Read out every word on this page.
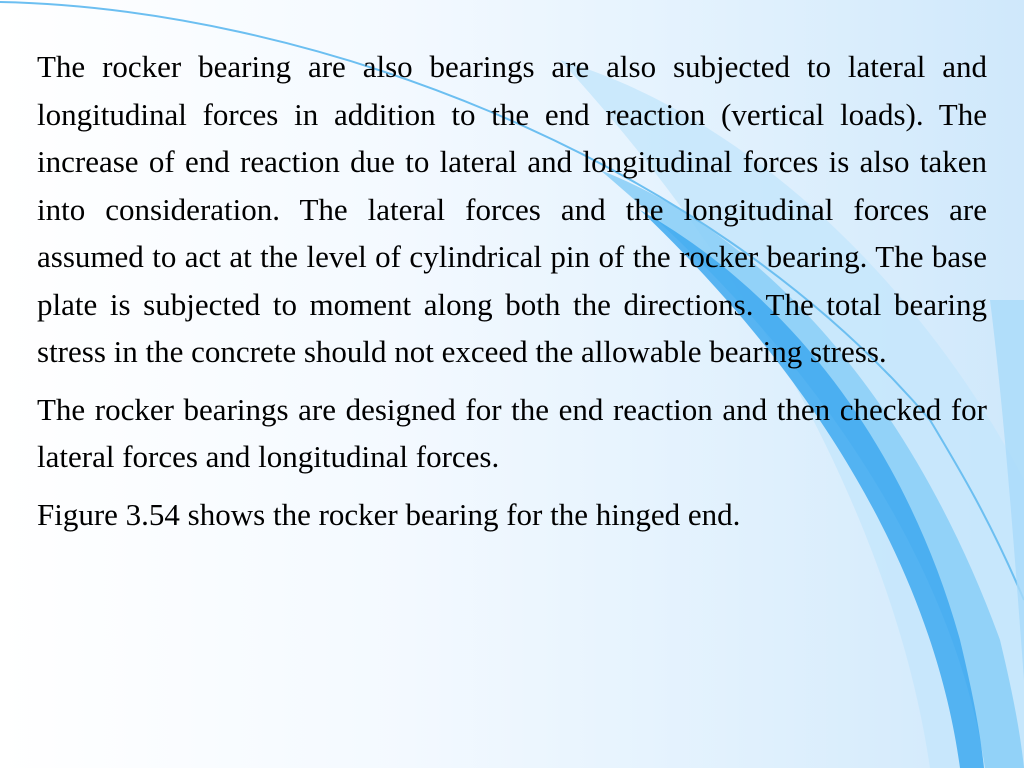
The rocker bearing are also bearings are also subjected to lateral and longitudinal forces in addition to the end reaction (vertical loads). The increase of end reaction due to lateral and longitudinal forces is also taken into consideration. The lateral forces and the longitudinal forces are assumed to act at the level of cylindrical pin of the rocker bearing. The base plate is subjected to moment along both the directions. The total bearing stress in the concrete should not exceed the allowable bearing stress.

The rocker bearings are designed for the end reaction and then checked for lateral forces and longitudinal forces.

Figure 3.54 shows the rocker bearing for the hinged end.
